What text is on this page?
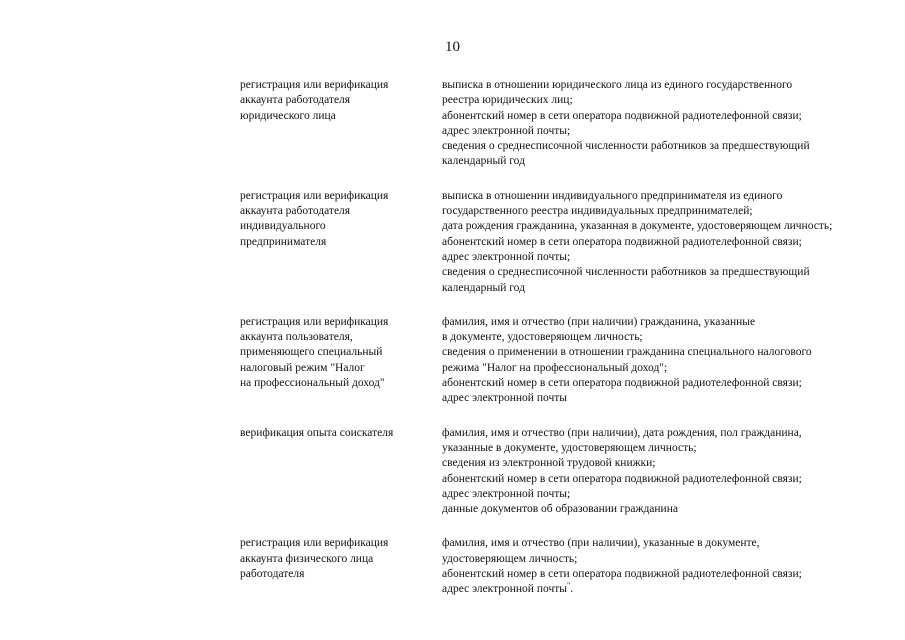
10
регистрация или верификация
аккаунта работодателя
юридического лица
выписка в отношении юридического лица из единого государственного
реестра юридических лиц;
абонентский номер в сети оператора подвижной радиотелефонной связи;
адрес электронной почты;
сведения о среднесписочной численности работников за предшествующий
календарный год
регистрация или верификация
аккаунта работодателя
индивидуального
предпринимателя
выписка в отношении индивидуального предпринимателя из единого
государственного реестра индивидуальных предпринимателей;
дата рождения гражданина, указанная в документе, удостоверяющем личность;
абонентский номер в сети оператора подвижной радиотелефонной связи;
адрес электронной почты;
сведения о среднесписочной численности работников за предшествующий
календарный год
регистрация или верификация
аккаунта пользователя,
применяющего специальный
налоговый режим "Налог
на профессиональный доход"
фамилия, имя и отчество (при наличии) гражданина, указанные
в документе, удостоверяющем личность;
сведения о применении в отношении гражданина специального налогового
режима "Налог на профессиональный доход";
абонентский номер в сети оператора подвижной радиотелефонной связи;
адрес электронной почты
верификация опыта соискателя	фамилия, имя и отчество (при наличии), дата рождения, пол гражданина,
указанные в документе, удостоверяющем личность;
сведения из электронной трудовой книжки;
абонентский номер в сети оператора подвижной радиотелефонной связи;
адрес электронной почты;
данные документов об образовании гражданина
регистрация или верификация
аккаунта физического лица
работодателя
фамилия, имя и отчество (при наличии), указанные в документе,
удостоверяющем личность;
абонентский номер в сети оператора подвижной радиотелефонной связи;
адрес электронной почты".
